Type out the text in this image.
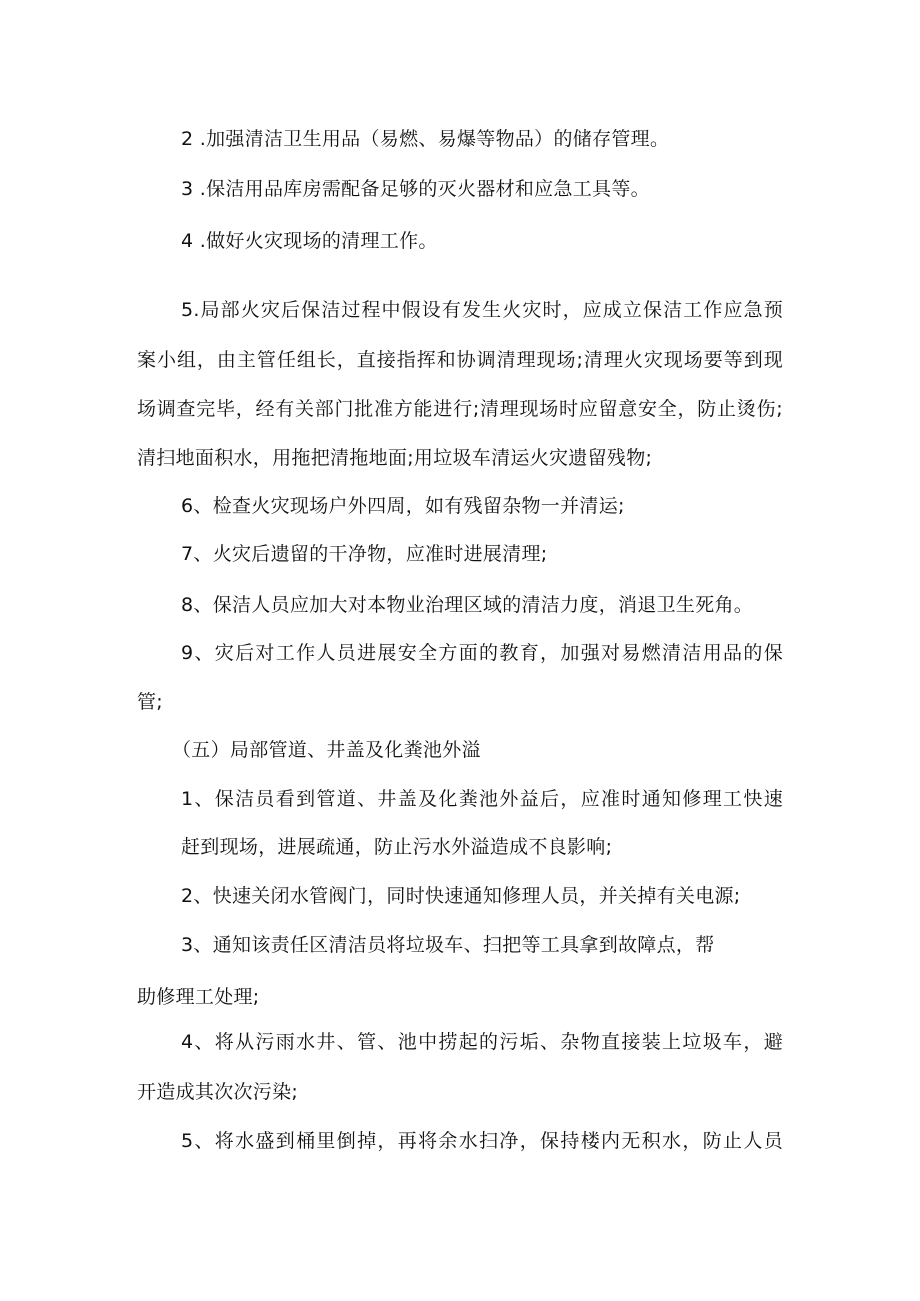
2 .加强清洁卫生用品（易燃、易爆等物品）的储存管理。
3 .保洁用品库房需配备足够的灭火器材和应急工具等。
4 .做好火灾现场的清理工作。
5.局部火灾后保洁过程中假设有发生火灾时，应成立保洁工作应急预
案小组，由主管任组长，直接指挥和协调清理现场;清理火灾现场要等到现
场调查完毕，经有关部门批准方能进行;清理现场时应留意安全，防止烫伤;
清扫地面积水，用拖把清拖地面;用垃圾车清运火灾遗留残物;
6、检查火灾现场户外四周，如有残留杂物一并清运;
7、火灾后遗留的干净物，应准时进展清理;
8、保洁人员应加大对本物业治理区域的清洁力度，消退卫生死角。
9、灾后对工作人员进展安全方面的教育，加强对易燃清洁用品的保
管;
（五）局部管道、井盖及化粪池外溢
1、保洁员看到管道、井盖及化粪池外益后，应准时通知修理工快速
赶到现场，进展疏通，防止污水外溢造成不良影响;
2、快速关闭水管阀门，同时快速通知修理人员，并关掉有关电源;
3、通知该责任区清洁员将垃圾车、扫把等工具拿到故障点，帮
助修理工处理;
4、将从污雨水井、管、池中捞起的污垢、杂物直接装上垃圾车，避
开造成其次次污染;
5、将水盛到桶里倒掉，再将余水扫净，保持楼内无积水，防止人员
